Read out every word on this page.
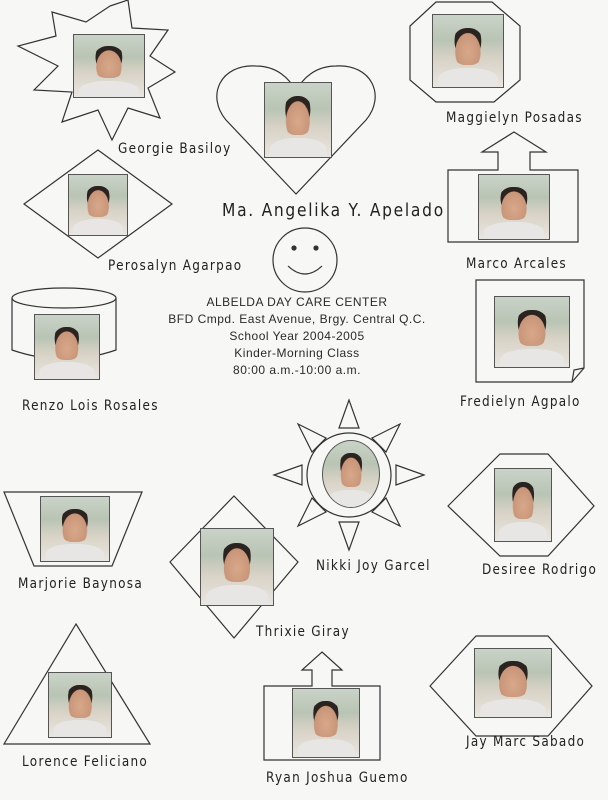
Georgie Basiloy
Ma. Angelika Y. Apelado
Maggielyn Posadas
Perosalyn Agarpao	Marco Arcales
Renzo Lois Rosales	Fredielyn Agpalo
Marjorie Baynosa
Nikki Joy Garcel	Desiree Rodrigo
Thrixie Giray
Lorence Feliciano
Ryan Joshua Guemo
Jay Marc Sabado
ALBELDA DAY CARE CENTER
BFD Cmpd. East Avenue, Brgy. Central Q.C.
School Year 2004-2005
Kinder-Morning Class
80:00 a.m.-10:00 a.m.
